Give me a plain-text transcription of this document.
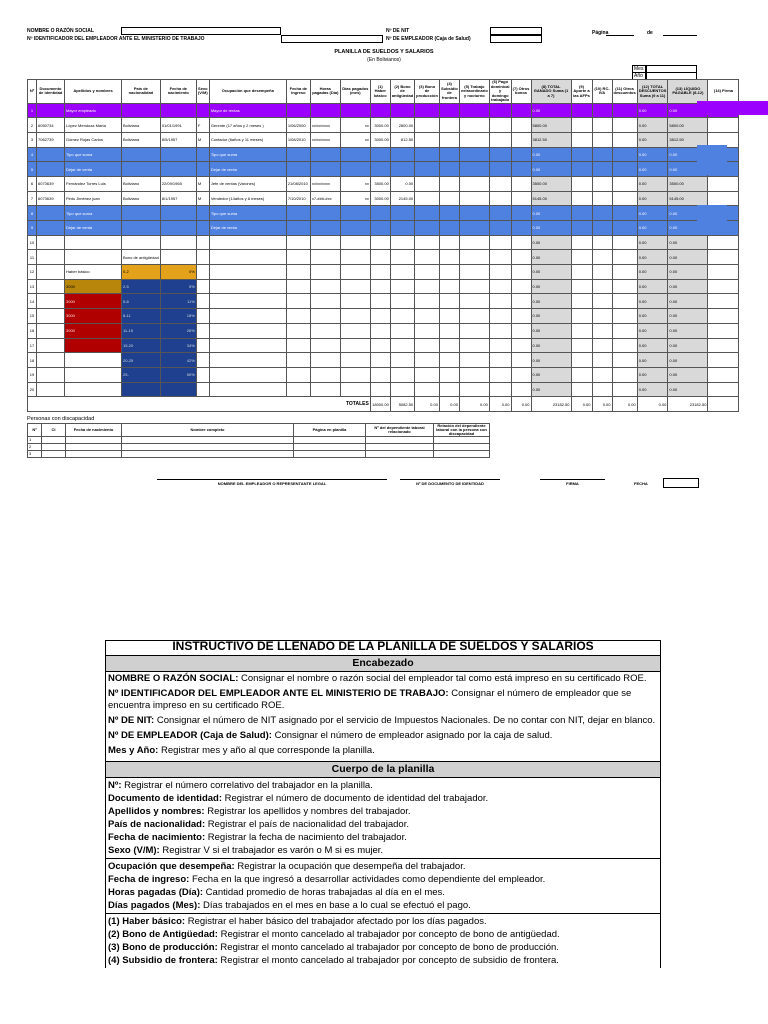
NOMBRE O RAZÓN SOCIAL
Nº IDENTIFICADOR DEL EMPLEADOR ANTE EL MINISTERIO DE TRABAJO
Nº DE NIT
Nº DE EMPLEADOR (Caja de Salud)
Página	de
PLANILLA DE SUELDOS Y SALARIOS
(En Bolivianos)
Mes
Año
Nº	Documento de identidad	Apellidos y nombres	País de nacionalidad	Fecha de nacimiento	Sexo (V/M)	Ocupación que desempeña	Fecha de ingreso	Horas pagadas (Día)	Días pagados (mes)	(1) Haber básico	(2) Bono de antigüedad	(3) Bono de producción	(4) Subsidio de frontera	(5) Trabajo extraordinario y nocturno	(6) Pago dominical y domingo trabajado	(7) Otros bonos	(8) TOTAL GANADO Suma (1 a 7)	(9) Aporte a las AFPs	(10) RC-IVA	(11) Otros descuentos	(12) TOTAL DESCUENTOS Suma (9 a 11)	(13) LÍQUIDO PAGABLE (8-12)	(14) Firma
1		Mayor empleado				Mayor de rentas											0.00				0.00	0.00	
2	6050734	López Mendoza Marta	Boliviana	01/01/1991	F	Gerente (17 años y 2 meses )	1/06/2000	xx/xx/xxxx	xx	3000.00	2800.00						5800.00				0.00	5800.00	
3	7062739	Gómez Rojas Carlos	Boliviana	8/5/1957	M	Contador (6años y 11 meses)	1/08/2010	xx/xx/xxxx	xx	3000.00	812.50						3812.50				0.00	3812.50	
4		Tipo que suma				Tipo que suma											0.00				0.00	0.00	
5		Dejar de venta				Dejar de venta											0.00				0.00	0.00	
6	6073639	Fernández Torres Luis	Boliviano	22/09/1965	M	Jefe de ventas (Varones)	21/08/2010	xx/xx/xxxx	xx	3500.00	0.00						3500.00				0.00	3500.00	
7	6073639	Pinto Jiménez juan	Boliviano	8/1/1957	M	Vendedor (14años y 8 meses)	7/10/2010	x7-###-#xx	xx	3000.00	2145.00						5145.00				0.00	5145.00	
8		Tipo que suma				Tipo que suma											0.00				0.00	0.00	
9		Dejar de venta				Dejar de venta											0.00				0.00	0.00	
10																	0.00				0.00	0.00	
11			Bono de antigüedad														0.00				0.00	0.00	
12		Haber básico	0-2	0%													0.00				0.00	0.00	
13		3000	2-5	5%													0.00				0.00	0.00	
14		3000	5-8	11%													0.00				0.00	0.00	
15		3000	8-11	18%													0.00				0.00	0.00	
16		3000	11-15	26%													0.00				0.00	0.00	
17			15-20	34%													0.00				0.00	0.00	
18			20-25	42%													0.00				0.00	0.00	
19			25-	50%													0.00				0.00	0.00	
20																	0.00				0.00	0.00	
TOTALES										18000.00	5082.50	0.00	0.00	0.00	0.00	0.00	23182.50	0.00	0.00	0.00	0.00	23182.50	
Personas con discapacidad
Nº	CI	Fecha de nacimiento	Nombre completo	Página en planilla	Nº del dependiente laboral relacionado	Relación del dependiente laboral con la persona con discapacidad
1						
2						
3						
NOMBRE DEL EMPLEADOR O REPRESENTANTE LEGAL	Nº DE DOCUMENTO DE IDENTIDAD	FIRMA	FECHA
INSTRUCTIVO DE LLENADO DE LA PLANILLA DE SUELDOS Y SALARIOS
Encabezado

NOMBRE O RAZÓN SOCIAL: Consignar el nombre o razón social del empleador tal como está impreso en su certificado ROE.

Nº IDENTIFICADOR DEL EMPLEADOR ANTE EL MINISTERIO DE TRABAJO: Consignar el número de empleador que se encuentra impreso en su certificado ROE.

Nº DE NIT: Consignar el número de NIT asignado por el servicio de Impuestos Nacionales. De no contar con NIT, dejar en blanco.

Nº DE EMPLEADOR (Caja de Salud): Consignar el número de empleador asignado por la caja de salud.

Mes y Año: Registrar mes y año al que corresponde la planilla.

Cuerpo de la planilla

Nº: Registrar el número correlativo del trabajador en la planilla.

Documento de identidad: Registrar el número de documento de identidad del trabajador.

Apellidos y nombres: Registrar los apellidos y nombres del trabajador.

País de nacionalidad: Registrar el país de nacionalidad del trabajador.

Fecha de nacimiento: Registrar la fecha de nacimiento del trabajador.

Sexo (V/M): Registrar V si el trabajador es varón o M si es mujer.

Ocupación que desempeña: Registrar la ocupación que desempeña del trabajador.

Fecha de ingreso: Fecha en la que ingresó a desarrollar actividades como dependiente del empleador.

Horas pagadas (Día): Cantidad promedio de horas trabajadas al día en el mes.

Días pagados (Mes): Días trabajados en el mes en base a lo cual se efectuó el pago.

(1) Haber básico: Registrar el haber básico del trabajador afectado por los días pagados.

(2) Bono de Antigüedad: Registrar el monto cancelado al trabajador por concepto de bono de antigüedad.

(3) Bono de producción: Registrar el monto cancelado al trabajador por concepto de bono de producción.

(4) Subsidio de frontera: Registrar el monto cancelado al trabajador por concepto de subsidio de frontera.
